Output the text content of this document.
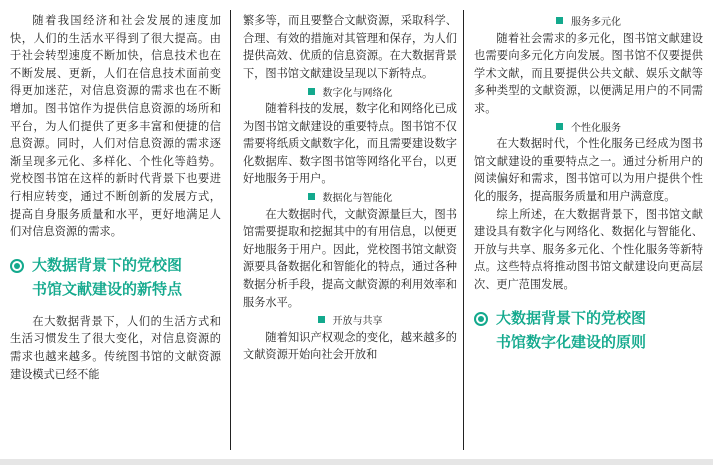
随着我国经济和社会发展的速度加快，人们的生活水平得到了很大提高。由于社会转型速度不断加快，信息技术也在不断发展、更新，人们在信息技术面前变得更加迷茫，对信息资源的需求也在不断增加。图书馆作为提供信息资源的场所和平台，为人们提供了更多丰富和便捷的信息资源。同时，人们对信息资源的需求逐渐呈现多元化、多样化、个性化等趋势。党校图书馆在这样的新时代背景下也要进行相应转变，通过不断创新的发展方式，提高自身服务质量和水平，更好地满足人们对信息资源的需求。

大数据背景下的党校图
书馆文献建设的新特点

在大数据背景下，人们的生活方式和生活习惯发生了很大变化，对信息资源的需求也越来越多。传统图书馆的文献资源建设模式已经不能

繁多等，而且要整合文献资源，采取科学、合理、有效的措施对其管理和保存，为人们提供高效、优质的信息资源。在大数据背景下，图书馆文献建设呈现以下新特点。

数字化与网络化

随着科技的发展，数字化和网络化已成为图书馆文献建设的重要特点。图书馆不仅需要将纸质文献数字化，而且需要建设数字化数据库、数字图书馆等网络化平台，以更好地服务于用户。

数据化与智能化

在大数据时代，文献资源量巨大，图书馆需要提取和挖掘其中的有用信息，以便更好地服务于用户。因此，党校图书馆文献资源要具备数据化和智能化的特点，通过各种数据分析手段，提高文献资源的利用效率和服务水平。

开放与共享

随着知识产权观念的变化，越来越多的文献资源开始向社会开放和

服务多元化

随着社会需求的多元化，图书馆文献建设也需要向多元化方向发展。图书馆不仅要提供学术文献，而且要提供公共文献、娱乐文献等多种类型的文献资源，以便满足用户的不同需求。

个性化服务

在大数据时代，个性化服务已经成为图书馆文献建设的重要特点之一。通过分析用户的阅读偏好和需求，图书馆可以为用户提供个性化的服务，提高服务质量和用户满意度。

综上所述，在大数据背景下，图书馆文献建设具有数字化与网络化、数据化与智能化、开放与共享、服务多元化、个性化服务等新特点。这些特点将推动图书馆文献建设向更高层次、更广范围发展。

大数据背景下的党校图
书馆数字化建设的原则
